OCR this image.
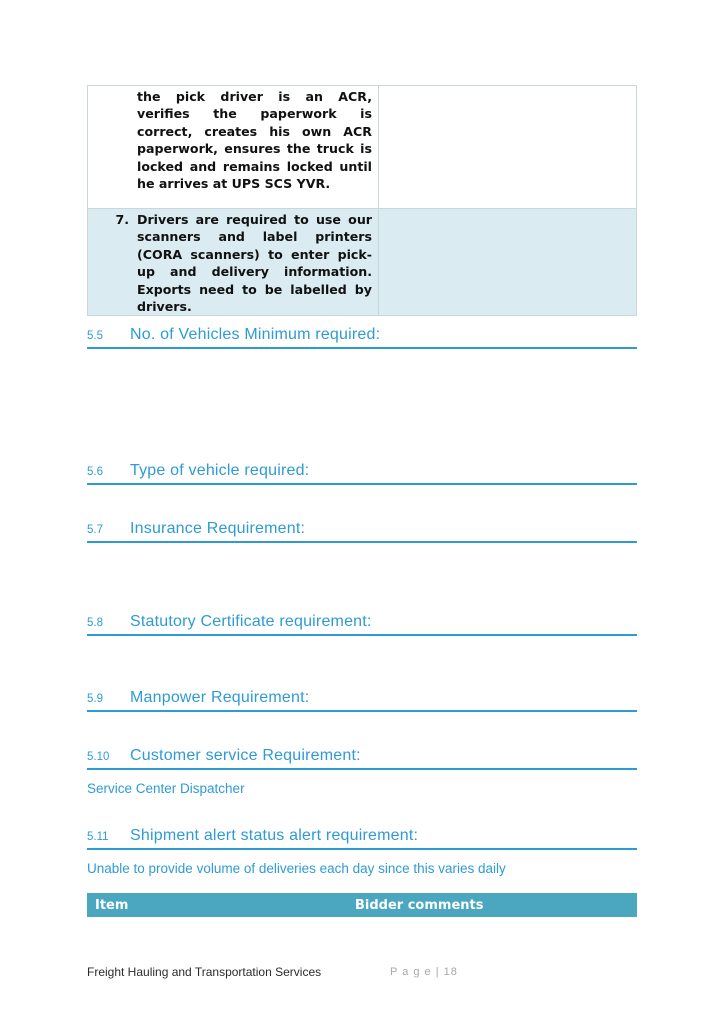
the pick driver is an ACR, verifies the paperwork is correct, creates his own ACR paperwork, ensures the truck is locked and remains locked until he arrives at UPS SCS YVR.
7. Drivers are required to use our scanners and label printers (CORA scanners) to enter pick-up and delivery information. Exports need to be labelled by drivers.
5.5	No. of Vehicles Minimum required:
5.6	Type of vehicle required:
5.7	Insurance Requirement:
5.8	Statutory Certificate requirement:
5.9	Manpower Requirement:
5.10	Customer service Requirement:
Service Center Dispatcher
5.11	Shipment alert status alert requirement:
Unable to provide volume of deliveries each day since this varies daily
Item	Bidder comments
Freight Hauling and Transportation Services	P a g e | 18
